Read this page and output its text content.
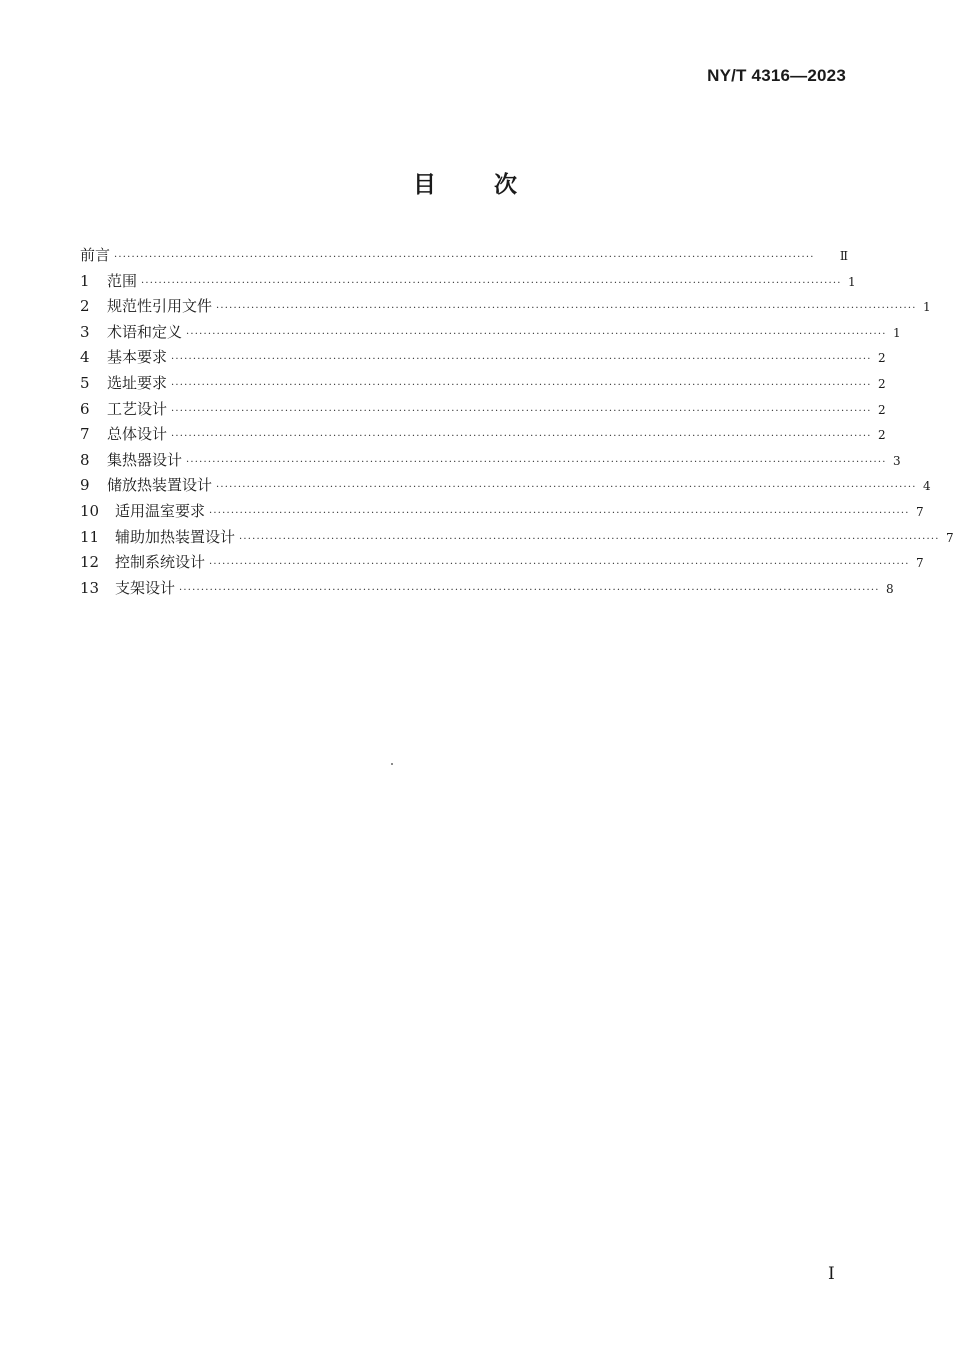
NY/T 4316—2023
目次
前言 ································································································································································	Ⅱ
1	范围 ································································································································································ 1
2	规范性引用文件 ································································································································································ 1
3	术语和定义 ································································································································································ 1
4	基本要求 ································································································································································ 2
5	选址要求 ································································································································································ 2
6	工艺设计 ································································································································································ 2
7	总体设计 ································································································································································ 2
8	集热器设计 ································································································································································ 3
9	储放热装置设计 ································································································································································ 4
10	适用温室要求 ································································································································································ 7
11	辅助加热装置设计 ································································································································································ 7
12	控制系统设计 ································································································································································ 7
13	支架设计 ································································································································································ 8
I
